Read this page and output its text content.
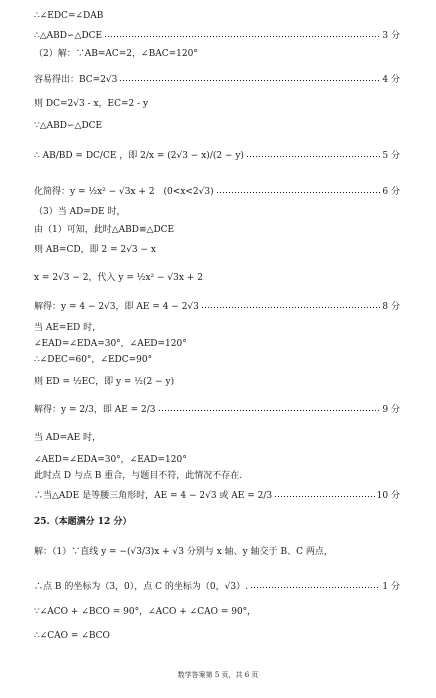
∴∠EDC=∠DAB
∴△ABD∽△DCE	3 分
（2）解：∵AB=AC=2，∠BAC=120°
容易得出：BC=2√3	4 分
则 DC=2√3 - x，EC=2 - y
∵△ABD∽△DCE
∴ AB/BD = DC/CE ，即 2/x = (2√3 − x)/(2 − y)	5 分
化简得：y = ½x² − √3x + 2　(0<x<2√3)	6 分
（3）当 AD=DE 时，
由（1）可知，此时△ABD≌△DCE
则 AB=CD，即 2 = 2√3 − x
x = 2√3 − 2，代入 y = ½x² − √3x + 2
解得：y = 4 − 2√3，即 AE = 4 − 2√3	8 分
当 AE=ED 时，
∠EAD=∠EDA=30°，∠AED=120°
∴∠DEC=60°，∠EDC=90°
则 ED = ½EC，即 y = ½(2 − y)
解得：y = 2/3，即 AE = 2/3	9 分
当 AD=AE 时，
∠AED=∠EDA=30°，∠EAD=120°
此时点 D 与点 B 重合，与题目不符，此情况不存在.
∴当△ADE 是等腰三角形时，AE = 4 − 2√3 或 AE = 2/3	10 分
25.（本题满分 12 分）
解：（1）∵直线 y = −(√3/3)x + √3 分别与 x 轴、y 轴交于 B、C 两点，
∴点 B 的坐标为（3，0），点 C 的坐标为（0，√3）.	1 分
∵∠ACO + ∠BCO = 90°，∠ACO + ∠CAO = 90°，
∴∠CAO = ∠BCO
数学答案第 5 页，共 6 页
